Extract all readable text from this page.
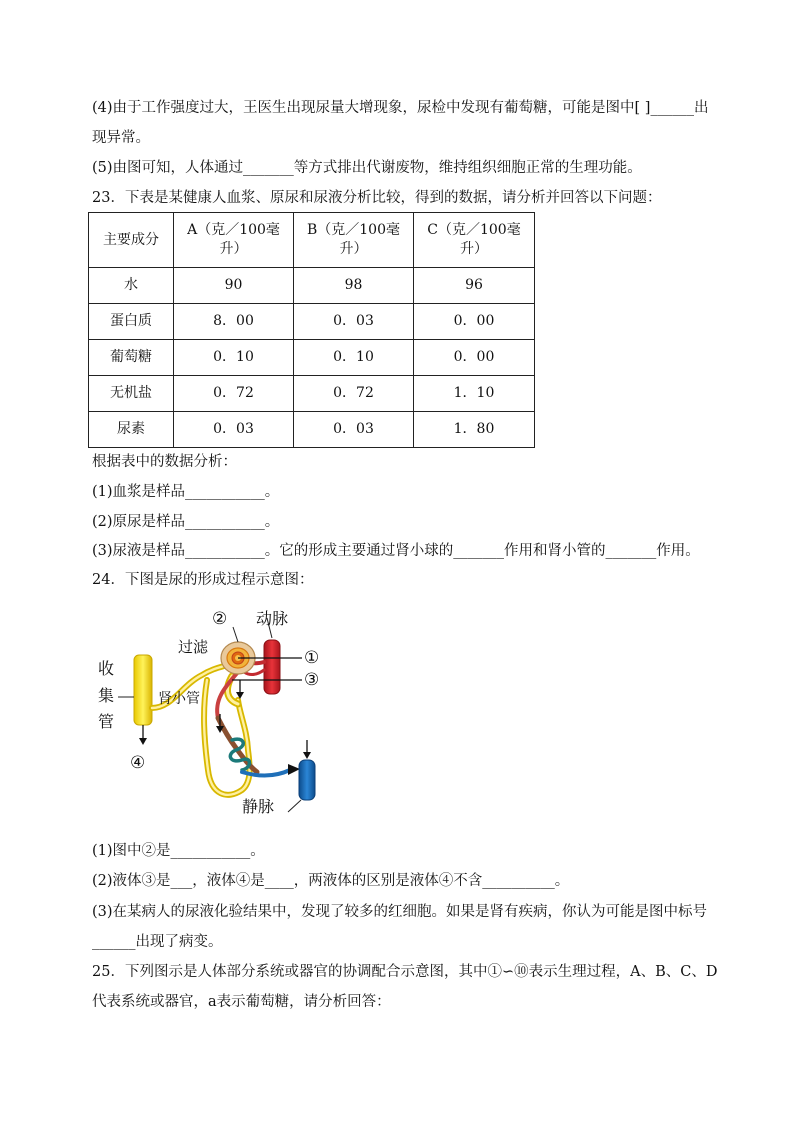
(4)由于工作强度过大，王医生出现尿量大增现象，尿检中发现有葡萄糖，可能是图中[ ]______出
现异常。
(5)由图可知，人体通过_______等方式排出代谢废物，维持组织细胞正常的生理功能。
23．下表是某健康人血浆、原尿和尿液分析比较，得到的数据，请分析并回答以下问题：
主要成分	A（克／100毫
升）	B（克／100毫
升）	C（克／100毫
升）
水	90	98	96
蛋白质	8．00	0．03	0．00
葡萄糖	0．10	0．10	0．00
无机盐	0．72	0．72	1．10
尿素	0．03	0．03	1．80
根据表中的数据分析：
(1)血浆是样品___________。
(2)原尿是样品___________。
(3)尿液是样品___________。它的形成主要通过肾小球的_______作用和肾小管的_______作用。
24．下图是尿的形成过程示意图：
② 动脉
过滤
①
③
收
集
管
肾小管
④
静脉
(1)图中②是___________。
(2)液体③是___，液体④是____，两液体的区别是液体④不含__________。
(3)在某病人的尿液化验结果中，发现了较多的红细胞。如果是肾有疾病，你认为可能是图中标号
______出现了病变。
25．下列图示是人体部分系统或器官的协调配合示意图，其中①∽⑩表示生理过程，A、B、C、D
代表系统或器官，a表示葡萄糖，请分析回答：
